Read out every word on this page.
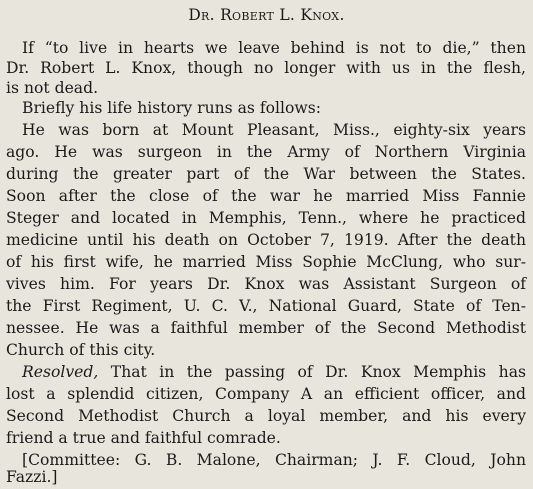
Dr. Robert L. Knox.
If “to live in hearts we leave behind is not to die,” then
Dr. Robert L. Knox, though no longer with us in the flesh,
is not dead.
Briefly his life history runs as follows:
He was born at Mount Pleasant, Miss., eighty-six years
ago. He was surgeon in the Army of Northern Virginia
during the greater part of the War between the States.
Soon after the close of the war he married Miss Fannie
Steger and located in Memphis, Tenn., where he practiced
medicine until his death on October 7, 1919. After the death
of his first wife, he married Miss Sophie McClung, who sur-
vives him. For years Dr. Knox was Assistant Surgeon of
the First Regiment, U. C. V., National Guard, State of Ten-
nessee. He was a faithful member of the Second Methodist
Church of this city.
Resolved, That in the passing of Dr. Knox Memphis has
lost a splendid citizen, Company A an efficient officer, and
Second Methodist Church a loyal member, and his every
friend a true and faithful comrade.
[Committee: G. B. Malone, Chairman; J. F. Cloud, John
Fazzi.]
